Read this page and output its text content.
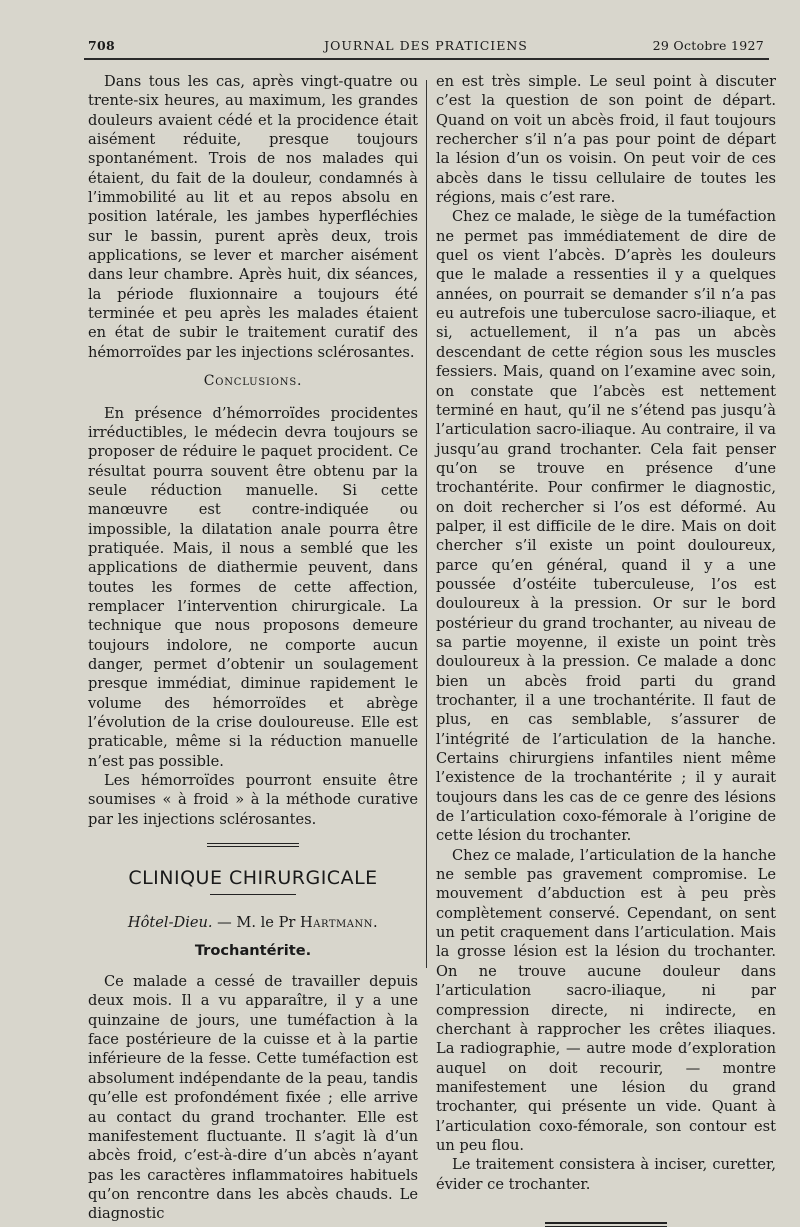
708	JOURNAL DES PRATICIENS	29 Octobre 1927

Dans tous les cas, après vingt-quatre ou trente-six heures, au maximum, les grandes douleurs avaient cédé et la procidence était aisément réduite, presque toujours spontanément. Trois de nos malades qui étaient, du fait de la douleur, condamnés à l’immobilité au lit et au repos absolu en position latérale, les jambes hyperfléchies sur le bassin, purent après deux, trois applications, se lever et marcher aisément dans leur chambre. Après huit, dix séances, la période fluxionnaire a toujours été terminée et peu après les malades étaient en état de subir le traitement curatif des hémorroïdes par les injections sclérosantes.

Conclusions.

En présence d’hémorroïdes procidentes irréductibles, le médecin devra toujours se proposer de réduire le paquet procident. Ce résultat pourra souvent être obtenu par la seule réduction manuelle. Si cette manœuvre est contre-indiquée ou impossible, la dilatation anale pourra être pratiquée. Mais, il nous a semblé que les applications de diathermie peuvent, dans toutes les formes de cette affection, remplacer l’intervention chirurgicale. La technique que nous proposons demeure toujours indolore, ne comporte aucun danger, permet d’obtenir un soulagement presque immédiat, diminue rapidement le volume des hémorroïdes et abrège l’évolution de la crise douloureuse. Elle est praticable, même si la réduction manuelle n’est pas possible.

Les hémorroïdes pourront ensuite être soumises « à froid » à la méthode curative par les injections sclérosantes.

CLINIQUE CHIRURGICALE
Hôtel-Dieu. — M. le Pr Hartmann.
Trochantérite.

Ce malade a cessé de travailler depuis deux mois. Il a vu apparaître, il y a une quinzaine de jours, une tuméfaction à la face postérieure de la cuisse et à la partie inférieure de la fesse. Cette tuméfaction est absolument indépendante de la peau, tandis qu’elle est profondément fixée ; elle arrive au contact du grand trochanter. Elle est manifestement fluctuante. Il s’agit là d’un abcès froid, c’est-à-dire d’un abcès n’ayant pas les caractères inflammatoires habituels qu’on rencontre dans les abcès chauds. Le diagnostic

en est très simple. Le seul point à discuter c’est la question de son point de départ. Quand on voit un abcès froid, il faut toujours rechercher s’il n’a pas pour point de départ la lésion d’un os voisin. On peut voir de ces abcès dans le tissu cellulaire de toutes les régions, mais c’est rare.

Chez ce malade, le siège de la tuméfaction ne permet pas immédiatement de dire de quel os vient l’abcès. D’après les douleurs que le malade a ressenties il y a quelques années, on pourrait se demander s’il n’a pas eu autrefois une tuberculose sacro-iliaque, et si, actuellement, il n’a pas un abcès descendant de cette région sous les muscles fessiers. Mais, quand on l’examine avec soin, on constate que l’abcès est nettement terminé en haut, qu’il ne s’étend pas jusqu’à l’articulation sacro-iliaque. Au contraire, il va jusqu’au grand trochanter. Cela fait penser qu’on se trouve en présence d’une trochantérite. Pour confirmer le diagnostic, on doit rechercher si l’os est déformé. Au palper, il est difficile de le dire. Mais on doit chercher s’il existe un point douloureux, parce qu’en général, quand il y a une poussée d’ostéite tuberculeuse, l’os est douloureux à la pression. Or sur le bord postérieur du grand trochanter, au niveau de sa partie moyenne, il existe un point très douloureux à la pression. Ce malade a donc bien un abcès froid parti du grand trochanter, il a une trochantérite. Il faut de plus, en cas semblable, s’assurer de l’intégrité de l’articulation de la hanche. Certains chirurgiens infantiles nient même l’existence de la trochantérite ; il y aurait toujours dans les cas de ce genre des lésions de l’articulation coxo-fémorale à l’origine de cette lésion du trochanter.

Chez ce malade, l’articulation de la hanche ne semble pas gravement compromise. Le mouvement d’abduction est à peu près complètement conservé. Cependant, on sent un petit craquement dans l’articulation. Mais la grosse lésion est la lésion du trochanter. On ne trouve aucune douleur dans l’articulation sacro-iliaque, ni par compression directe, ni indirecte, en cherchant à rapprocher les crêtes iliaques. La radiographie, — autre mode d’exploration auquel on doit recourir, — montre manifestement une lésion du grand trochanter, qui présente un vide. Quant à l’articulation coxo-fémorale, son contour est un peu flou.

Le traitement consistera à inciser, curetter, évider ce trochanter.
